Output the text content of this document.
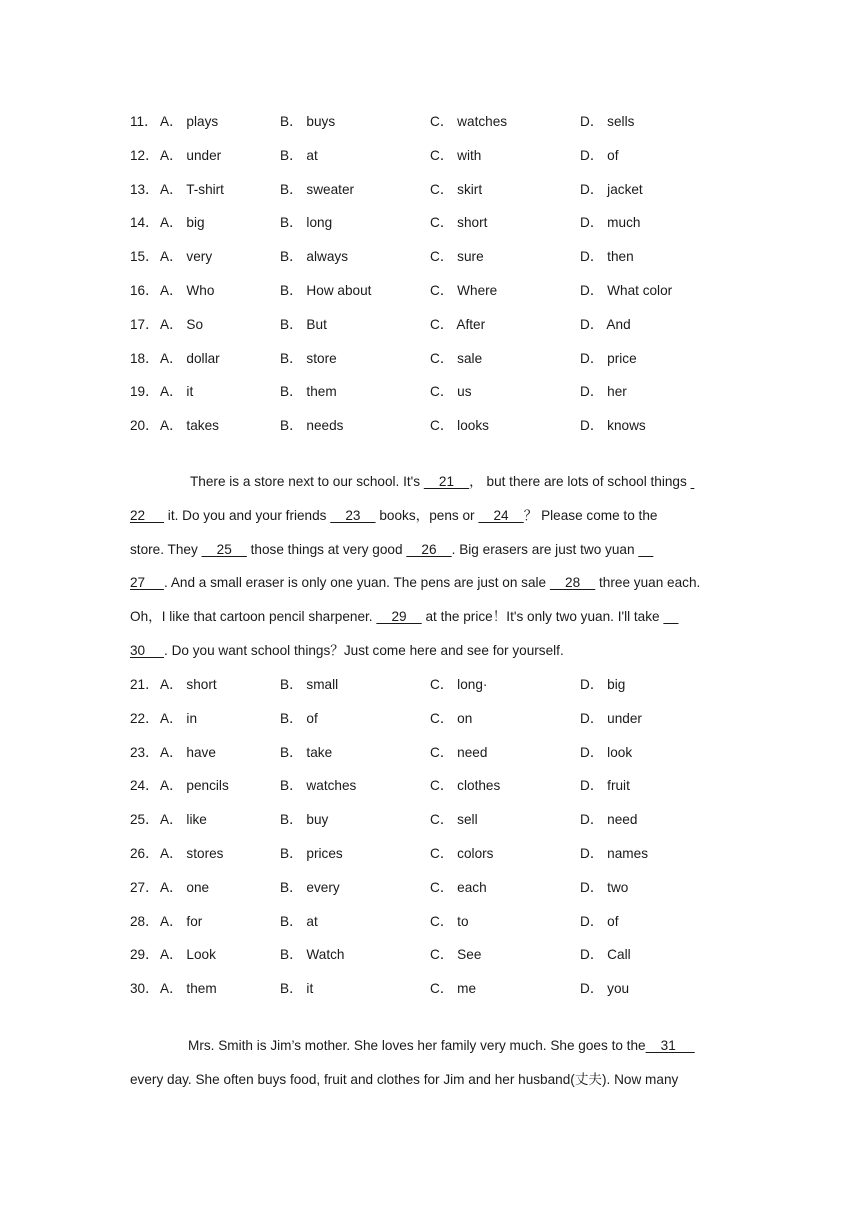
11． A． plays	B． buys	C． watches	D． sells
12． A． under	B． at	C． with	D． of
13． A． T-shirt	B． sweater	C． skirt	D． jacket
14． A． big	B． long	C． short	D． much
15． A． very	B． always	C． sure	D． then
16． A． Who	B． How about	C． Where	D． What color
17． A． So	B． But	C． After	D． And
18． A． dollar	B． store	C． sale	D． price
19． A． it	B． them	C． us	D． her
20． A． takes	B． needs	C． looks	D． knows
There is a store next to our school. It's     21    ， but there are lots of school things
22      it. Do you and your friends     23     books，pens or     24    ？ Please come to the
store. They     25     those things at very good     26    . Big erasers are just two yuan
27     . And a small eraser is only one yuan. The pens are just on sale     28     three yuan each.
Oh，I like that cartoon pencil sharpener.     29     at the price！It's only two yuan. I'll take
30     . Do you want school things？Just come here and see for yourself.
21． A． short	B． small	C． long·	D． big
22． A． in	B． of	C． on	D． under
23． A． have	B． take	C． need	D． look
24． A． pencils	B． watches	C． clothes	D． fruit
25． A． like	B． buy	C． sell	D． need
26． A． stores	B． prices	C． colors	D． names
27． A． one	B． every	C． each	D． two
28． A． for	B． at	C． to	D． of
29． A． Look	B． Watch	C． See	D． Call
30． A． them	B． it	C． me	D． you
Mrs. Smith is Jim’s mother. She loves her family very much. She goes to the    31
every day. She often buys food, fruit and clothes for Jim and her husband(丈夫). Now many
